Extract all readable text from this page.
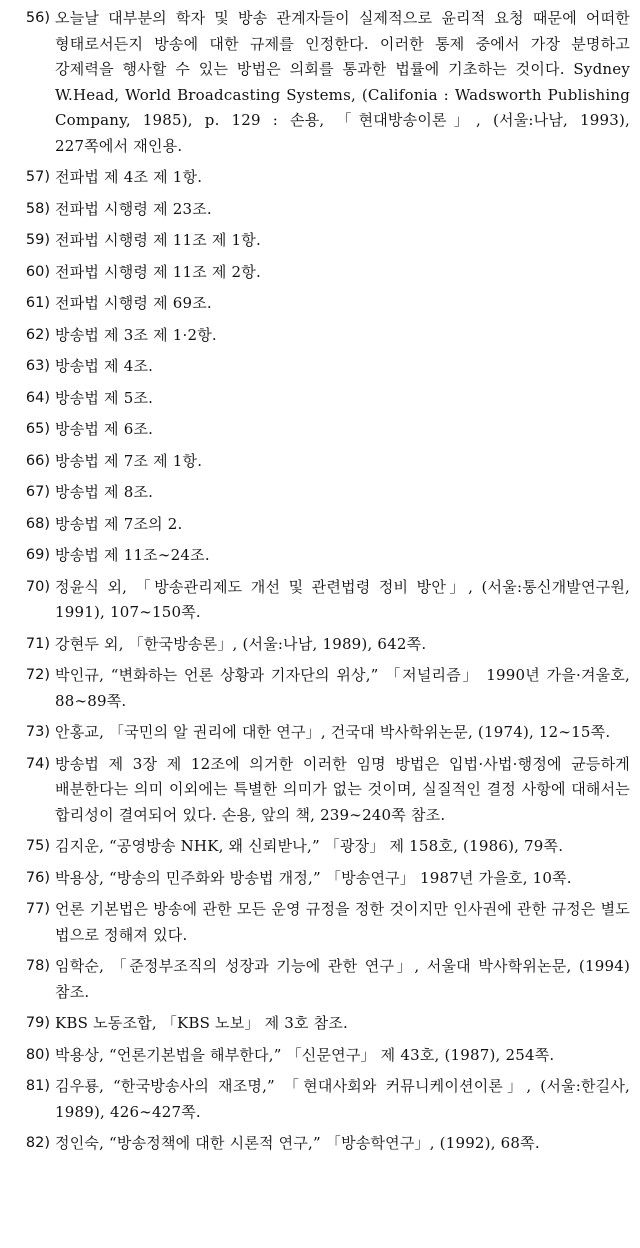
56) 오늘날 대부분의 학자 및 방송 관계자들이 실제적으로 윤리적 요청 때문에 어떠한 형태로서든지 방송에 대한 규제를 인정한다. 이러한 통제 중에서 가장 분명하고 강제력을 행사할 수 있는 방법은 의회를 통과한 법률에 기초하는 것이다. Sydney W.Head, World Broadcasting Systems, (Califonia : Wadsworth Publishing Company, 1985), p. 129 : 손용, 「현대방송이론」, (서울:나남, 1993), 227쪽에서 재인용.
57) 전파법 제 4조 제 1항.
58) 전파법 시행령 제 23조.
59) 전파법 시행령 제 11조 제 1항.
60) 전파법 시행령 제 11조 제 2항.
61) 전파법 시행령 제 69조.
62) 방송법 제 3조 제 1·2항.
63) 방송법 제 4조.
64) 방송법 제 5조.
65) 방송법 제 6조.
66) 방송법 제 7조 제 1항.
67) 방송법 제 8조.
68) 방송법 제 7조의 2.
69) 방송법 제 11조∼24조.
70) 정윤식 외, 「방송관리제도 개선 및 관련법령 정비 방안」, (서울:통신개발연구원, 1991), 107∼150쪽.
71) 강현두 외, 「한국방송론」, (서울:나남, 1989), 642쪽.
72) 박인규, “변화하는 언론 상황과 기자단의 위상,” 「저널리즘」 1990년 가을·겨울호, 88∼89쪽.
73) 안홍교, 「국민의 알 권리에 대한 연구」, 건국대 박사학위논문, (1974), 12∼15쪽.
74) 방송법 제 3장 제 12조에 의거한 이러한 임명 방법은 입법·사법·행정에 균등하게 배분한다는 의미 이외에는 특별한 의미가 없는 것이며, 실질적인 결정 사항에 대해서는 합리성이 결여되어 있다. 손용, 앞의 책, 239∼240쪽 참조.
75) 김지운, “공영방송 NHK, 왜 신뢰받나,” 「광장」 제 158호, (1986), 79쪽.
76) 박용상, “방송의 민주화와 방송법 개정,” 「방송연구」 1987년 가을호, 10쪽.
77) 언론 기본법은 방송에 관한 모든 운영 규정을 정한 것이지만 인사권에 관한 규정은 별도 법으로 정해져 있다.
78) 임학순, 「준정부조직의 성장과 기능에 관한 연구」, 서울대 박사학위논문, (1994) 참조.
79) KBS 노동조합, 「KBS 노보」 제 3호 참조.
80) 박용상, “언론기본법을 해부한다,” 「신문연구」 제 43호, (1987), 254쪽.
81) 김우룡, “한국방송사의 재조명,” 「현대사회와 커뮤니케이션이론」, (서울:한길사, 1989), 426∼427쪽.
82) 정인숙, “방송정책에 대한 시론적 연구,” 「방송학연구」, (1992), 68쪽.
